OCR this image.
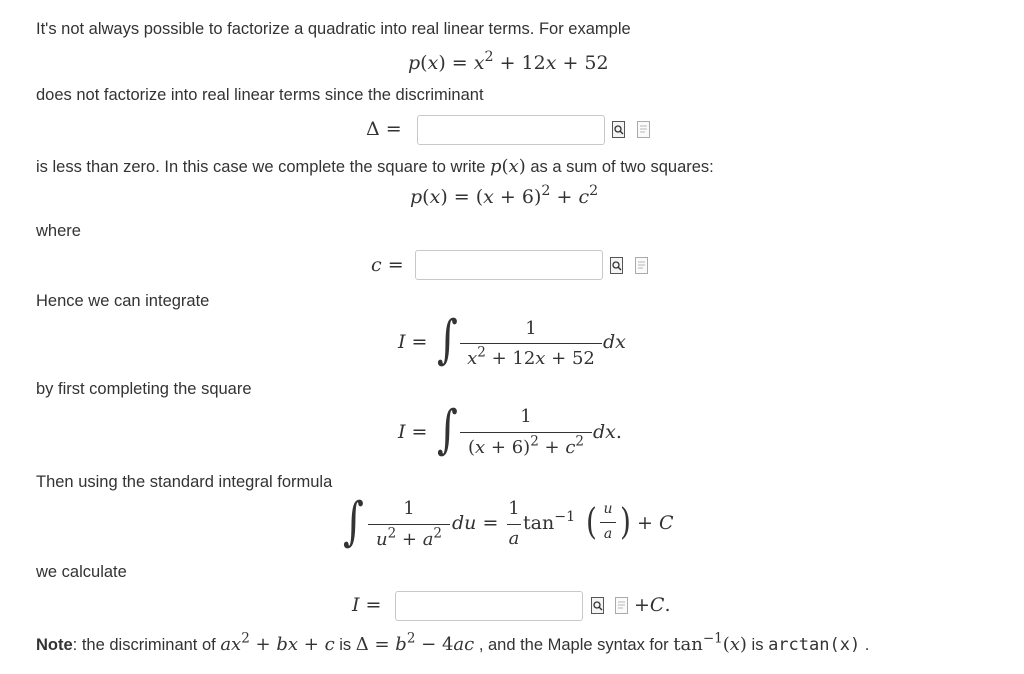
It's not always possible to factorize a quadratic into real linear terms. For example
$p(x) = x^2 + 12x + 52$
does not factorize into real linear terms since the discriminant
Δ =
is less than zero. In this case we complete the square to write p(x) as a sum of two squares:
$p(x) = (x + 6)^2 + c^2$
where
c =
Hence we can integrate
I = ∫	1
$x^2 + 12x + 52$
dx
by first completing the square
I = ∫	1
$(x + 6)^2 + c^2$ dx.
Then using the standard integral formula
∫	1
$u^2 + a^2$ du =
1
a
$\tan^{-1}$ ( u
a ) + C
we calculate
I =	+C.
Note: the discriminant of $ax^2$ + bx + c is $\Delta = b^2 - 4ac$ , and the Maple syntax for $\tan^{-1}(x)$ is arctan(x) .
